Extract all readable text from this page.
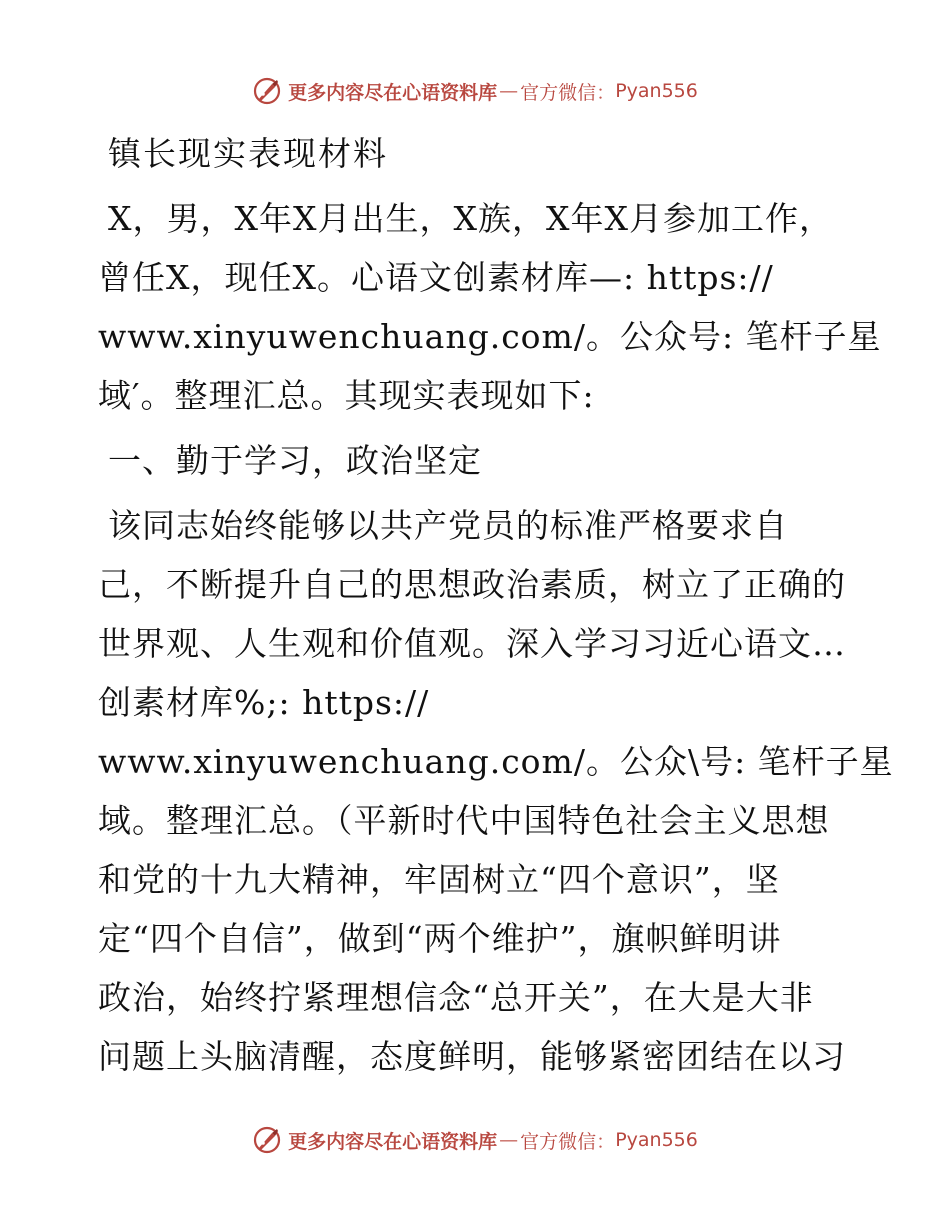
更多内容尽在心语资料库 — 官方微信 ： Pyan556
镇长现实表现材料
X，男，X年X月出生，X族，X年X月参加工作，
曾任X，现任X。心语文创素材库—: https://
www.xinyuwenchuang.com/。公众号: 笔杆子星
域′。整理汇总。其现实表现如下:
一、勤于学习，政治坚定
该同志始终能够以共产党员的标准严格要求自
己，不断提升自己的思想政治素质，树立了正确的
世界观、人生观和价值观。深入学习习近心语文…
创素材库%;: https://
www.xinyuwenchuang.com/。公众\号: 笔杆子星
域。整理汇总。（平新时代中国特色社会主义思想
和党的十九大精神，牢固树立“四个意识”，坚
定“四个自信”，做到“两个维护”，旗帜鲜明讲
政治，始终拧紧理想信念“总开关”，在大是大非
问题上头脑清醒，态度鲜明，能够紧密团结在以习
更多内容尽在心语资料库 — 官方微信 ： Pyan556
